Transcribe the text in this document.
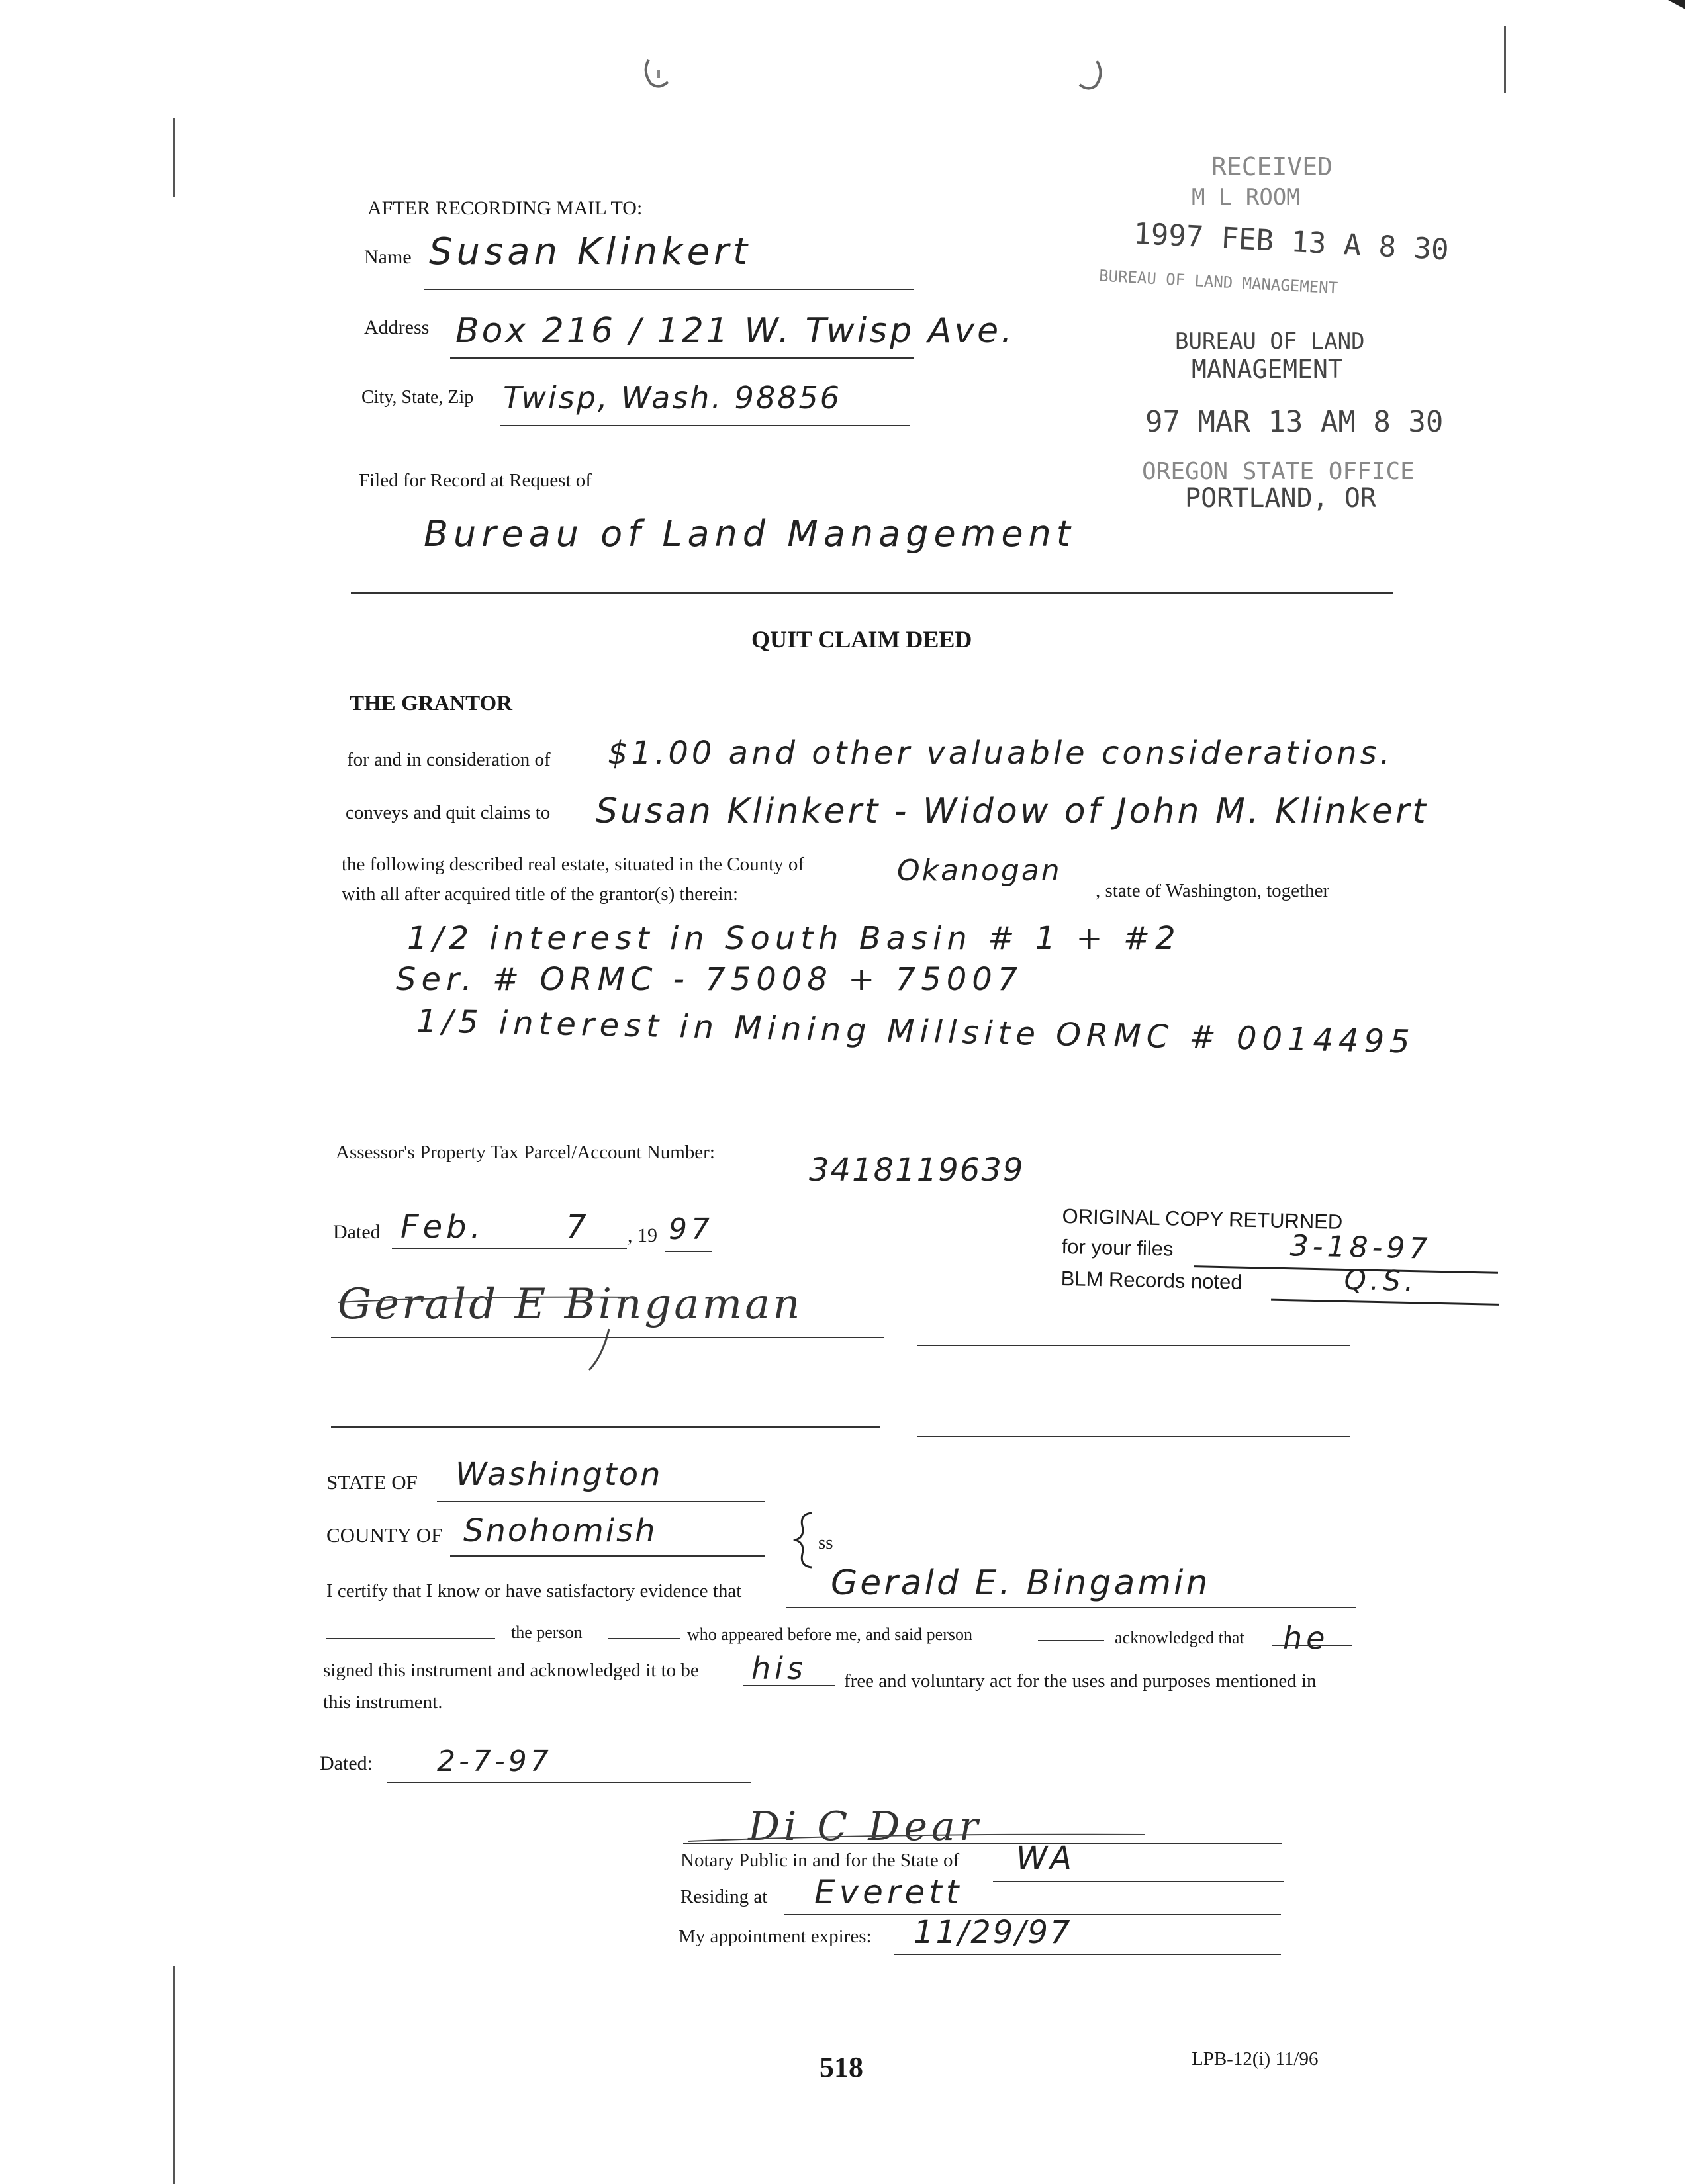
AFTER RECORDING MAIL TO:
Name Susan Klinkert
Address Box 216 / 121 W. Twisp Ave.
City, State, Zip Twisp, Wash. 98856
Filed for Record at Request of
Bureau of Land Management
RECEIVED
M L ROOM
1997 FEB 13 A 8 30
BUREAU OF LAND MANAGEMENT
BUREAU OF LAND
MANAGEMENT
97 MAR 13 AM 8 30
OREGON STATE OFFICE
PORTLAND, OR
QUIT CLAIM DEED
THE GRANTOR
for and in consideration of $1.00 and other valuable considerations.
conveys and quit claims to Susan Klinkert - Widow of John M. Klinkert
the following described real estate, situated in the County of	Okanogan
, state of Washington, together
with all after acquired title of the grantor(s) therein:
1/2 interest in South Basin # 1 + #2
Ser. # ORMC - 75008 + 75007
1/5 interest in Mining Millsite ORMC # 0014495
Assessor's Property Tax Parcel/Account Number:	3418119639
Dated Feb.	7 , 19 97
Gerald E Bingaman
ORIGINAL COPY RETURNED
for your files	3-18-97
BLM Records noted	Q.S.
STATE OF Washington
COUNTY OF Snohomish	ss
I certify that I know or have satisfactory evidence that	Gerald E. Bingamin
the person	who appeared before me, and said person	acknowledged that he
signed this instrument and acknowledged it to be his free and voluntary act for the uses and purposes mentioned in
this instrument.
Dated: 2-7-97
Di C Dear
Notary Public in and for the State of WA
Residing at Everett
My appointment expires: 11/29/97
518	LPB-12(i) 11/96
